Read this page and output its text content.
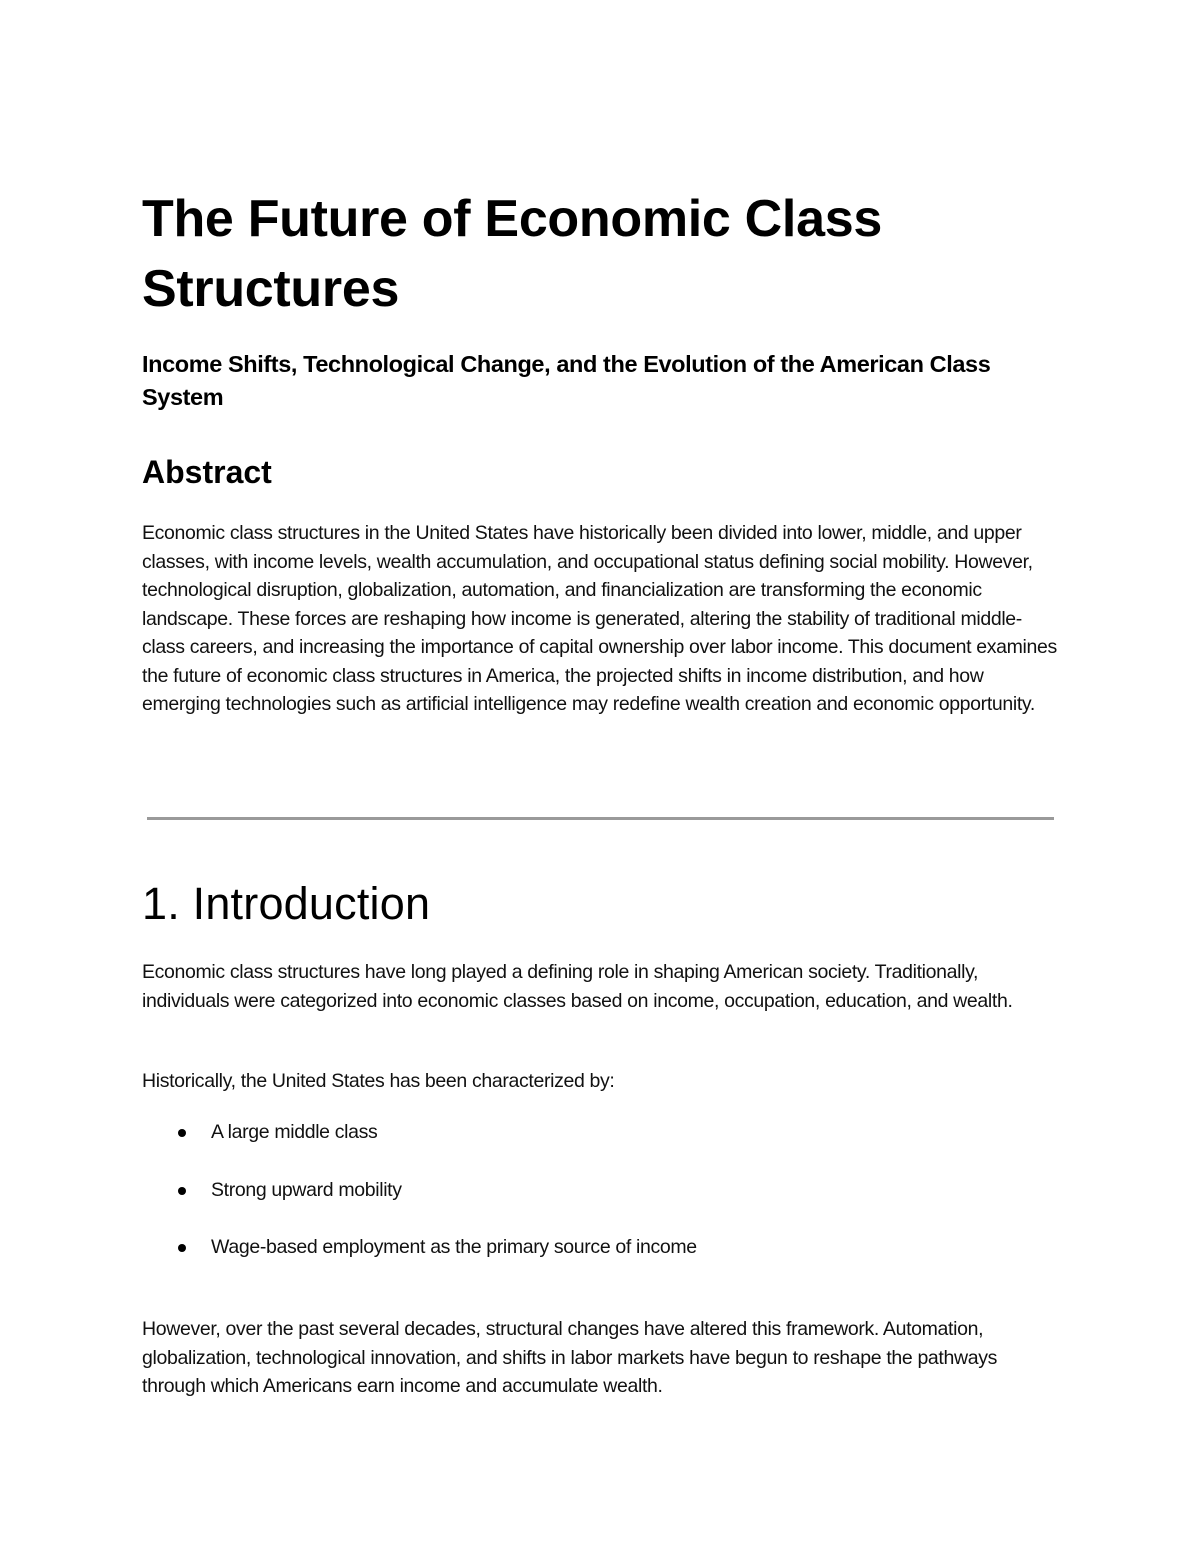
The Future of Economic Class Structures
Income Shifts, Technological Change, and the Evolution of the American Class System
Abstract

Economic class structures in the United States have historically been divided into lower, middle, and upper classes, with income levels, wealth accumulation, and occupational status defining social mobility. However, technological disruption, globalization, automation, and financialization are transforming the economic landscape. These forces are reshaping how income is generated, altering the stability of traditional middle-class careers, and increasing the importance of capital ownership over labor income. This document examines the future of economic class structures in America, the projected shifts in income distribution, and how emerging technologies such as artificial intelligence may redefine wealth creation and economic opportunity.

1. Introduction

Economic class structures have long played a defining role in shaping American society. Traditionally, individuals were categorized into economic classes based on income, occupation, education, and wealth.

Historically, the United States has been characterized by:

A large middle class
Strong upward mobility
Wage-based employment as the primary source of income

However, over the past several decades, structural changes have altered this framework. Automation, globalization, technological innovation, and shifts in labor markets have begun to reshape the pathways through which Americans earn income and accumulate wealth.
